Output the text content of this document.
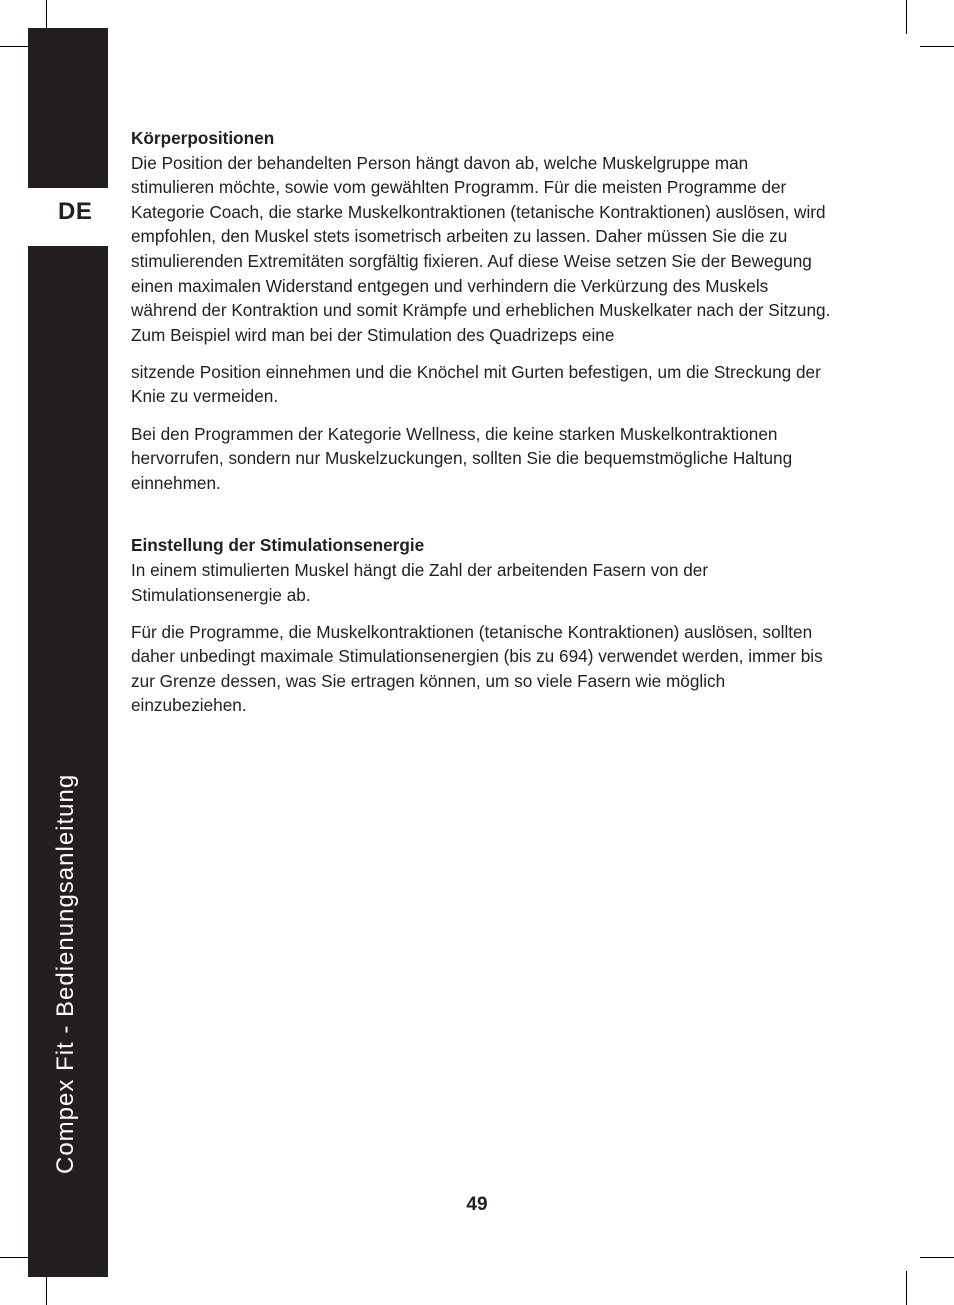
DE
Compex Fit - Bedienungsanleitung
Körperpositionen

Die Position der behandelten Person hängt davon ab, welche Muskelgruppe man stimulieren möchte, sowie vom gewählten Programm. Für die meisten Programme der Kategorie Coach, die starke Muskelkontraktionen (tetanische Kontraktionen) auslösen, wird empfohlen, den Muskel stets isometrisch arbeiten zu lassen. Daher müssen Sie die zu stimulierenden Extremitäten sorgfältig fixieren. Auf diese Weise setzen Sie der Bewegung einen maximalen Widerstand entgegen und verhindern die Verkürzung des Muskels während der Kontraktion und somit Krämpfe und erheblichen Muskelkater nach der Sitzung. Zum Beispiel wird man bei der Stimulation des Quadrizeps eine

sitzende Position einnehmen und die Knöchel mit Gurten befestigen, um die Streckung der Knie zu vermeiden.

Bei den Programmen der Kategorie Wellness, die keine starken Muskelkontraktionen hervorrufen, sondern nur Muskelzuckungen, sollten Sie die bequemstmögliche Haltung einnehmen.

Einstellung der Stimulationsenergie

In einem stimulierten Muskel hängt die Zahl der arbeitenden Fasern von der Stimulationsenergie ab.

Für die Programme, die Muskelkontraktionen (tetanische Kontraktionen) auslösen, sollten daher unbedingt maximale Stimulationsenergien (bis zu 694) verwendet werden, immer bis zur Grenze dessen, was Sie ertragen können, um so viele Fasern wie möglich einzubeziehen.

49
